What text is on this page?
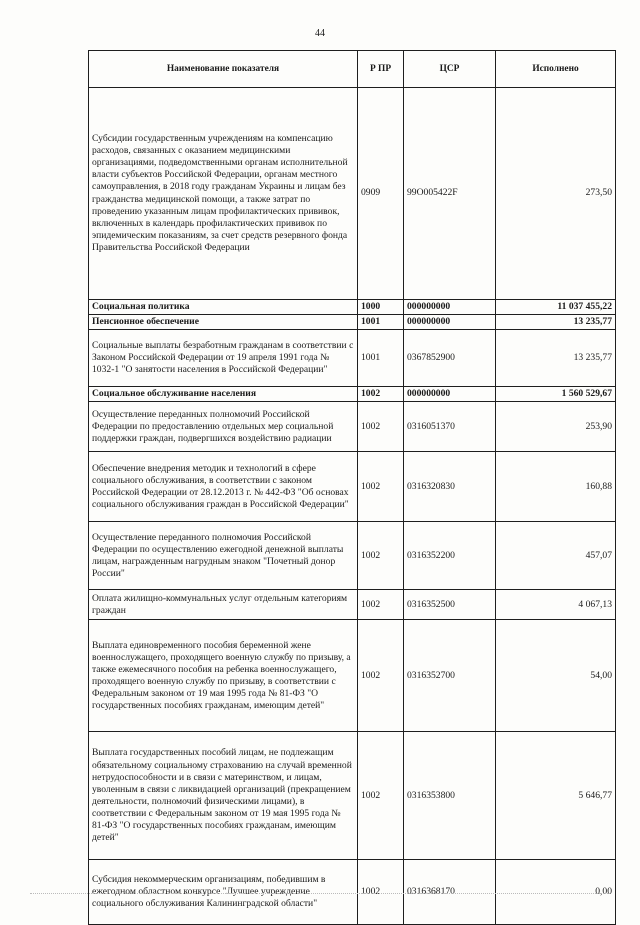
44
Наименование показателя	Р ПР	ЦСР	Исполнено
Субсидии государственным учреждениям на компенсацию расходов, связанных с оказанием медицинскими организациями, подведомственными органам исполнительной власти субъектов Российской Федерации, органам местного самоуправления, в 2018 году гражданам Украины и лицам без гражданства медицинской помощи, а также затрат по проведению указанным лицам профилактических прививок, включенных в календарь профилактических прививок по эпидемическим показаниям, за счет средств резервного фонда Правительства Российской Федерации	0909	99O005422F	273,50
Социальная политика	1000	000000000	11 037 455,22
Пенсионное обеспечение	1001	000000000	13 235,77
Социальные выплаты безработным гражданам в соответствии с Законом Российской Федерации от 19 апреля 1991 года № 1032-1 "О занятости населения в Российской Федерации"	1001	0367852900	13 235,77
Социальное обслуживание населения	1002	000000000	1 560 529,67
Осуществление переданных полномочий Российской Федерации по предоставлению отдельных мер социальной поддержки граждан, подвергшихся воздействию радиации	1002	0316051370	253,90
Обеспечение внедрения методик и технологий в сфере социального обслуживания, в соответствии с законом Российской Федерации от 28.12.2013 г. № 442-ФЗ "Об основах социального обслуживания граждан в Российской Федерации"	1002	0316320830	160,88
Осуществление переданного полномочия Российской Федерации по осуществлению ежегодной денежной выплаты лицам, награжденным нагрудным знаком "Почетный донор России"	1002	0316352200	457,07
Оплата жилищно-коммунальных услуг отдельным категориям граждан	1002	0316352500	4 067,13
Выплата единовременного пособия беременной жене военнослужащего, проходящего военную службу по призыву, а также ежемесячного пособия на ребенка военнослужащего, проходящего военную службу по призыву, в соответствии с Федеральным законом от 19 мая 1995 года № 81-ФЗ "О государственных пособиях гражданам, имеющим детей"	1002	0316352700	54,00
Выплата государственных пособий лицам, не подлежащим обязательному социальному страхованию на случай временной нетрудоспособности и в связи с материнством, и лицам, уволенным в связи с ликвидацией организаций (прекращением деятельности, полномочий физическими лицами), в соответствии с Федеральным законом от 19 мая 1995 года № 81-ФЗ "О государственных пособиях гражданам, имеющим детей"	1002	0316353800	5 646,77
Субсидия некоммерческим организациям, победившим в ежегодном областном конкурсе "Лучшее учреждение социального обслуживания Калининградской области"	1002	0316368170	0,00
